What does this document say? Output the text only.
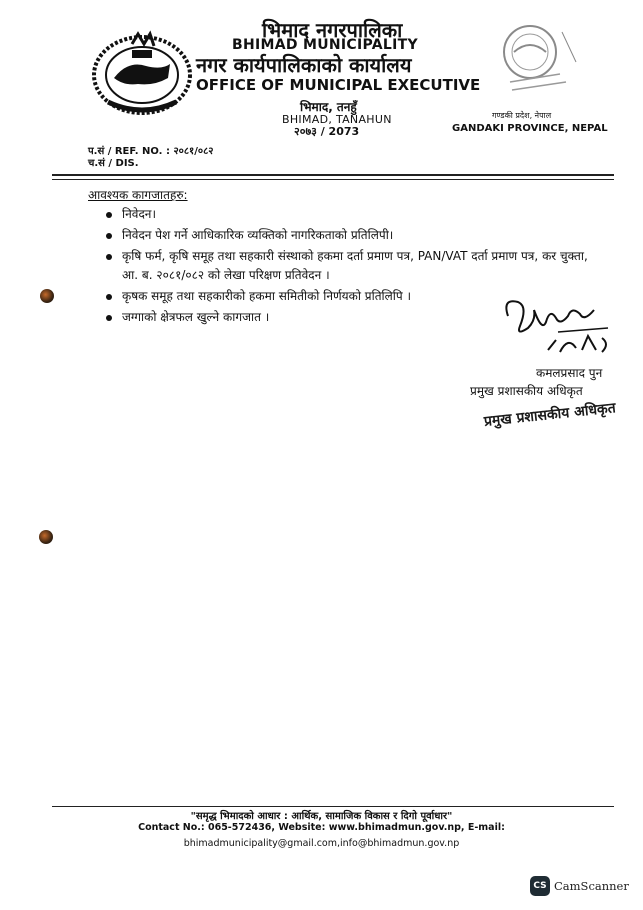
भिमाद नगरपालिका
BHIMAD MUNICIPALITY
नगर कार्यपालिकाको कार्यालय
OFFICE OF MUNICIPAL EXECUTIVE
भिमाद, तनहुँ
BHIMAD, TANAHUN
२०७३ / 2073
गण्डकी प्रदेश, नेपाल
GANDAKI PROVINCE, NEPAL
प.सं / REF. NO. : २०८१/०८२
च.सं / DIS.
आवश्यक कागजातहरु:
निवेदन।
निवेदन पेश गर्ने आधिकारिक व्यक्तिको नागरिकताको प्रतिलिपी।
कृषि फर्म, कृषि समूह तथा सहकारी संस्थाको हकमा दर्ता प्रमाण पत्र, PAN/VAT दर्ता प्रमाण पत्र, कर चुक्ता, आ. ब. २०८१/०८२ को लेखा परिक्षण प्रतिवेदन ।
कृषक समूह तथा सहकारीको हकमा समितीको निर्णयको प्रतिलिपि ।
जग्गाको क्षेत्रफल खुल्ने कागजात ।
कमलप्रसाद पुन
प्रमुख प्रशासकीय अधिकृत
प्रमुख प्रशासकीय अधिकृत
"समृद्ध भिमादको आधार : आर्थिक, सामाजिक विकास र दिगो पूर्वाधार"
Contact No.: 065-572436, Website: www.bhimadmun.gov.np, E-mail:
bhimadmunicipality@gmail.com,info@bhimadmun.gov.np
CS CamScanner
